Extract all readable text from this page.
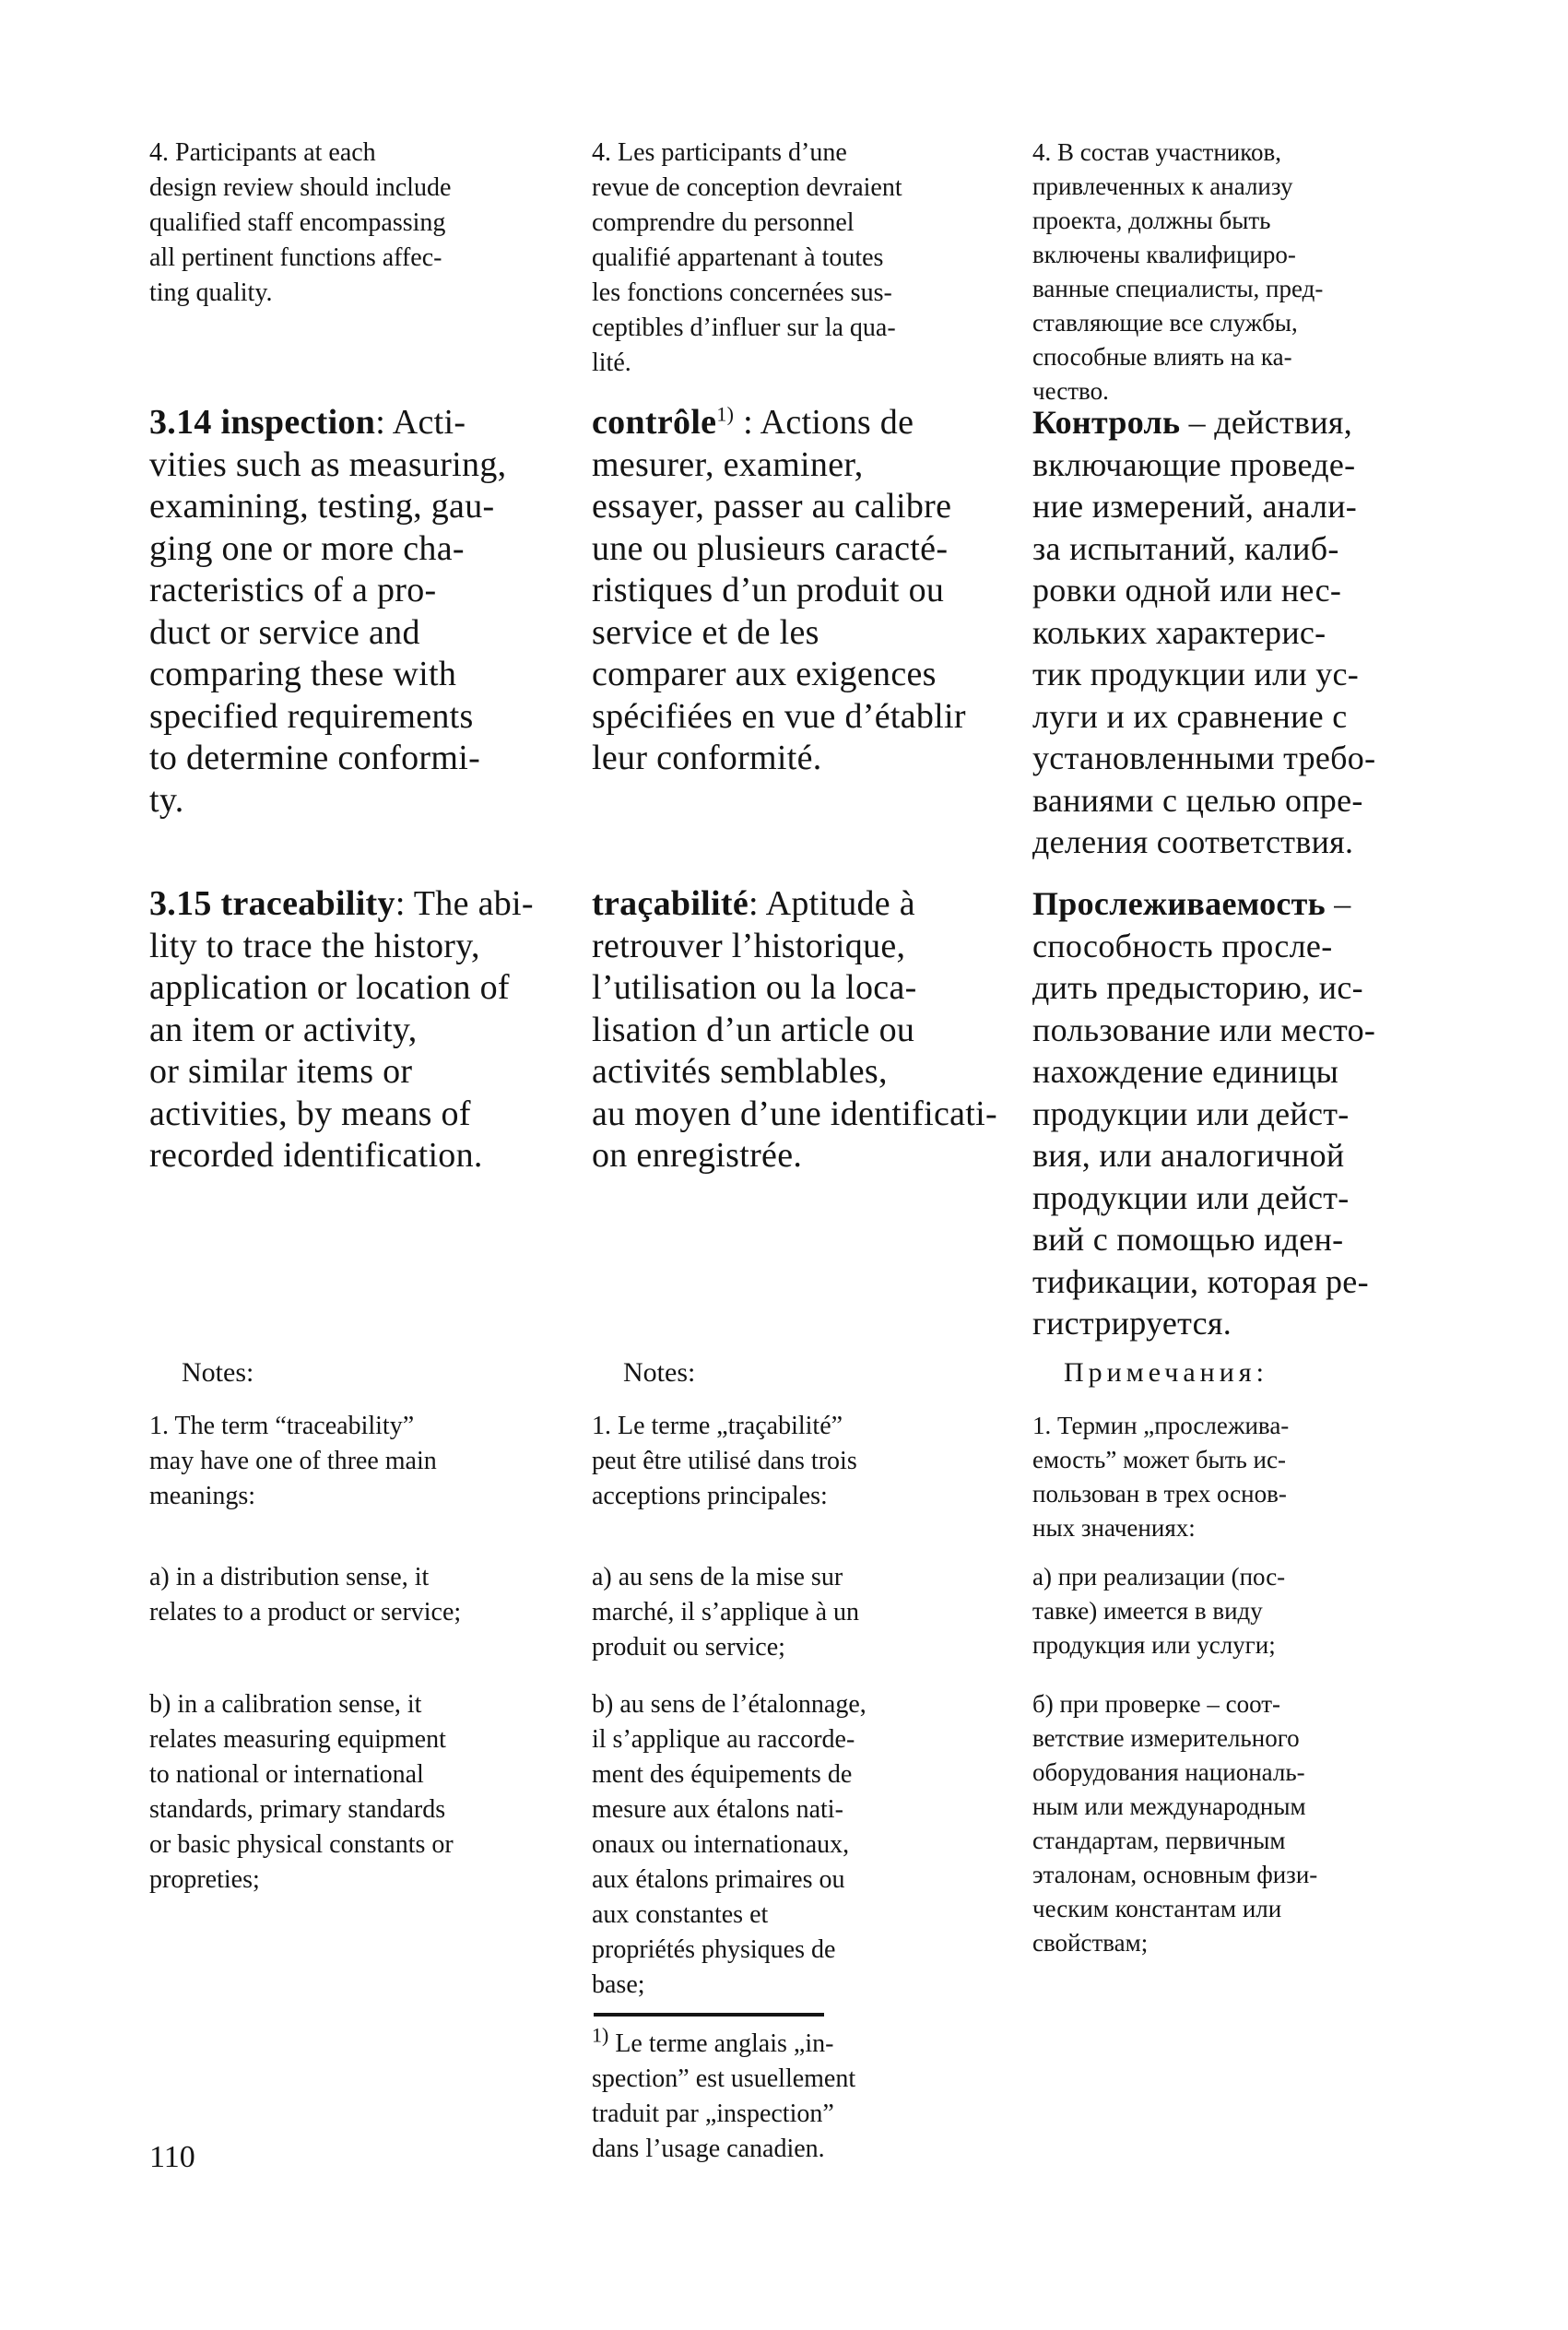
4. Participants at each
design review should include
qualified staff encompassing
all pertinent functions affec-
ting quality.

4. Les participants d’une
revue de conception devraient
comprendre du personnel
qualifié appartenant à toutes
les fonctions concernées sus-
ceptibles d’influer sur la qua-
lité.

4. В состав участников,
привлеченных к анализу
проекта, должны быть
включены квалифициро-
ванные специалисты, пред-
ставляющие все службы,
способные влиять на ка-
чество.

3.14 inspection: Acti-
vities such as measuring,
examining, testing, gau-
ging one or more cha-
racteristics of a pro-
duct or service and
comparing these with
specified requirements
to determine conformi-
ty.

contrôle$^{1)}$ : Actions de
mesurer, examiner,
essayer, passer au calibre
une ou plusieurs caracté-
ristiques d’un produit ou
service et de les
comparer aux exigences
spécifiées en vue d’établir
leur conformité.

Контроль – действия,
включающие проведе-
ние измерений, анали-
за испытаний, калиб-
ровки одной или нес-
кольких характерис-
тик продукции или ус-
луги и их сравнение с
установленными требо-
ваниями с целью опре-
деления соответствия.

3.15 traceability: The abi-
lity to trace the history,
application or location of
an item or activity,
or similar items or
activities, by means of
recorded identification.

traçabilité: Aptitude à
retrouver l’historique,
l’utilisation ou la loca-
lisation d’un article ou
activités semblables,
au moyen d’une identificati-
on enregistrée.

Прослеживаемость –
способность просле-
дить предысторию, ис-
пользование или место-
нахождение единицы
продукции или дейст-
вия, или аналогичной
продукции или дейст-
вий с помощью иден-
тификации, которая ре-
гистрируется.

Notes:	Notes:	Примечания:

1. The term “traceability”
may have one of three main
meanings:

1. Le terme „traçabilité”
peut être utilisé dans trois
acceptions principales:

1. Термин „прослежива-
емость” может быть ис-
пользован в трех основ-
ных значениях:

a) in a distribution sense, it
relates to a product or service;

a) au sens de la mise sur
marché, il s’applique à un
produit ou service;

а) при реализации (пос-
тавке) имеется в виду
продукция или услуги;

b) in a calibration sense, it
relates measuring equipment
to national or international
standards, primary standards
or basic physical constants or
propreties;

b) au sens de l’étalonnage,
il s’applique au raccorde-
ment des équipements de
mesure aux étalons nati-
onaux ou internationaux,
aux étalons primaires ou
aux constantes et
propriétés physiques de
base;

б) при проверке – соот-
ветствие измерительного
оборудования националь-
ным или международным
стандартам, первичным
эталонам, основным физи-
ческим константам или
свойствам;

$^{1)}$ Le terme anglais „in-
spection” est usuellement
traduit par „inspection”
dans l’usage canadien.

110
